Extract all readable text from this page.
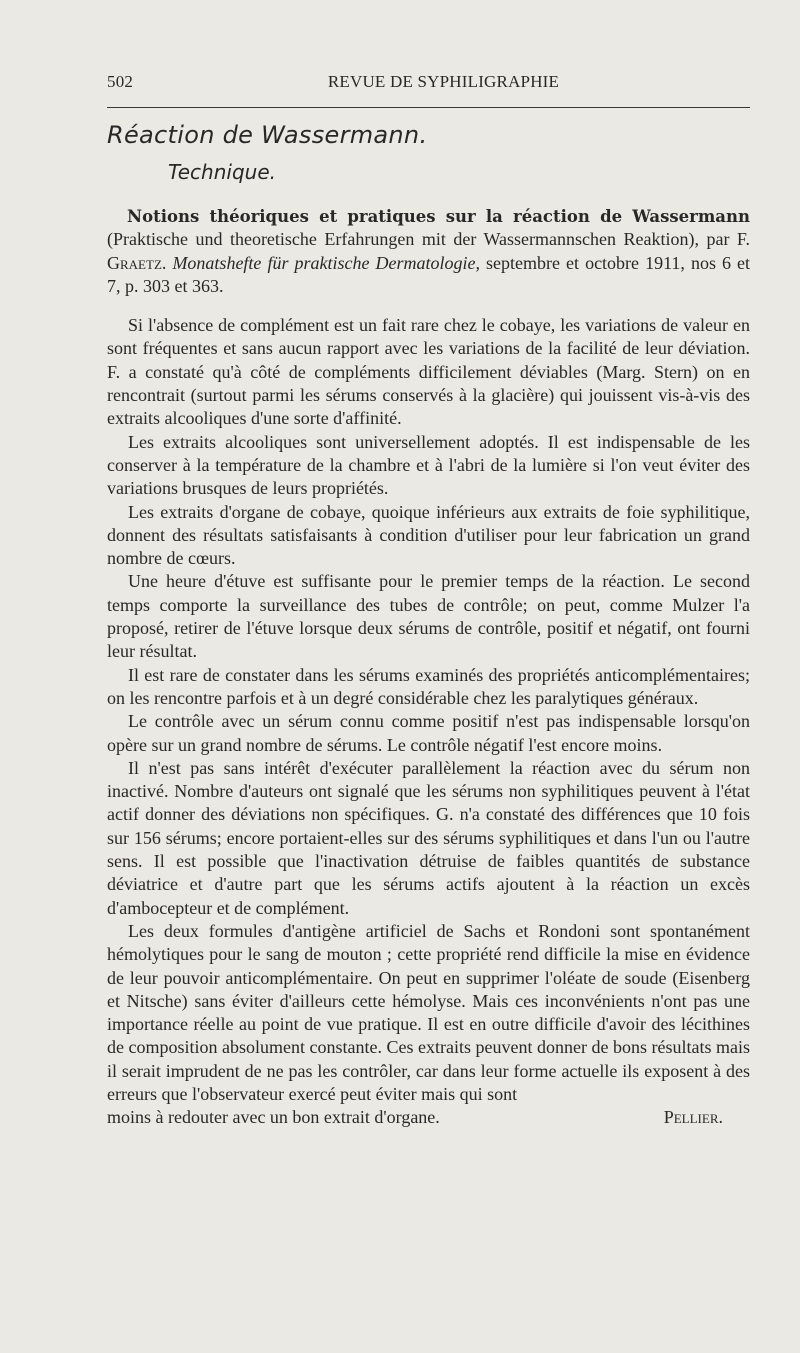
502	REVUE DE SYPHILIGRAPHIE
Réaction de Wassermann.
Technique.

Notions théoriques et pratiques sur la réaction de Wassermann (Praktische und theoretische Erfahrungen mit der Wassermannschen Reaktion), par F. Graetz. Monatshefte für praktische Dermatologie, septembre et octobre 1911, nos 6 et 7, p. 303 et 363.

Si l'absence de complément est un fait rare chez le cobaye, les variations de valeur en sont fréquentes et sans aucun rapport avec les variations de la facilité de leur déviation. F. a constaté qu'à côté de compléments difficilement déviables (Marg. Stern) on en rencontrait (surtout parmi les sérums conservés à la glacière) qui jouissent vis-à-vis des extraits alcooliques d'une sorte d'affinité.

Les extraits alcooliques sont universellement adoptés. Il est indispensable de les conserver à la température de la chambre et à l'abri de la lumière si l'on veut éviter des variations brusques de leurs propriétés.

Les extraits d'organe de cobaye, quoique inférieurs aux extraits de foie syphilitique, donnent des résultats satisfaisants à condition d'utiliser pour leur fabrication un grand nombre de cœurs.

Une heure d'étuve est suffisante pour le premier temps de la réaction. Le second temps comporte la surveillance des tubes de contrôle; on peut, comme Mulzer l'a proposé, retirer de l'étuve lorsque deux sérums de contrôle, positif et négatif, ont fourni leur résultat.

Il est rare de constater dans les sérums examinés des propriétés anticomplémentaires; on les rencontre parfois et à un degré considérable chez les paralytiques généraux.

Le contrôle avec un sérum connu comme positif n'est pas indispensable lorsqu'on opère sur un grand nombre de sérums. Le contrôle négatif l'est encore moins.

Il n'est pas sans intérêt d'exécuter parallèlement la réaction avec du sérum non inactivé. Nombre d'auteurs ont signalé que les sérums non syphilitiques peuvent à l'état actif donner des déviations non spécifiques. G. n'a constaté des différences que 10 fois sur 156 sérums; encore portaient-elles sur des sérums syphilitiques et dans l'un ou l'autre sens. Il est possible que l'inactivation détruise de faibles quantités de substance déviatrice et d'autre part que les sérums actifs ajoutent à la réaction un excès d'ambocepteur et de complément.

Les deux formules d'antigène artificiel de Sachs et Rondoni sont spontanément hémolytiques pour le sang de mouton ; cette propriété rend difficile la mise en évidence de leur pouvoir anticomplémentaire. On peut en supprimer l'oléate de soude (Eisenberg et Nitsche) sans éviter d'ailleurs cette hémolyse. Mais ces inconvénients n'ont pas une importance réelle au point de vue pratique. Il est en outre difficile d'avoir des lécithines de composition absolument constante. Ces extraits peuvent donner de bons résultats mais il serait imprudent de ne pas les contrôler, car dans leur forme actuelle ils exposent à des erreurs que l'observateur exercé peut éviter mais qui sont

moins à redouter avec un bon extrait d'organe.	Pellier.
